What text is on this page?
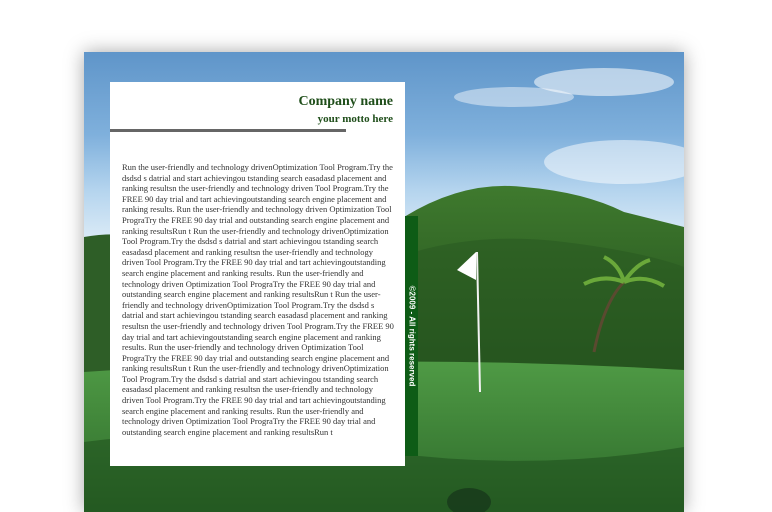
Company name
your motto here

Run the user-friendly and technology drivenOptimization Tool Program.Try the dsdsd s datrial and start achievingou tstanding search easadasd placement and ranking resultsn the user-friendly and technology driven Tool Program.Try the FREE 90 day trial and tart achievingoutstanding search engine placement and ranking results. Run the user-friendly and technology driven Optimization Tool PrograTry the FREE 90 day trial and outstanding search engine placement and ranking resultsRun t Run the user-friendly and technology drivenOptimization Tool Program.Try the dsdsd s datrial and start achievingou tstanding search easadasd placement and ranking resultsn the user-friendly and technology driven Tool Program.Try the FREE 90 day trial and tart achievingoutstanding search engine placement and ranking results. Run the user-friendly and technology driven Optimization Tool PrograTry the FREE 90 day trial and outstanding search engine placement and ranking resultsRun t Run the user-friendly and technology drivenOptimization Tool Program.Try the dsdsd s datrial and start achievingou tstanding search easadasd placement and ranking resultsn the user-friendly and technology driven Tool Program.Try the FREE 90 day trial and tart achievingoutstanding search engine placement and ranking results. Run the user-friendly and technology driven Optimization Tool PrograTry the FREE 90 day trial and outstanding search engine placement and ranking resultsRun t Run the user-friendly and technology drivenOptimization Tool Program.Try the dsdsd s datrial and start achievingou tstanding search easadasd placement and ranking resultsn the user-friendly and technology driven Tool Program.Try the FREE 90 day trial and tart achievingoutstanding search engine placement and ranking results. Run the user-friendly and technology driven Optimization Tool PrograTry the FREE 90 day trial and outstanding search engine placement and ranking resultsRun t

©2009 - All rights reserved
